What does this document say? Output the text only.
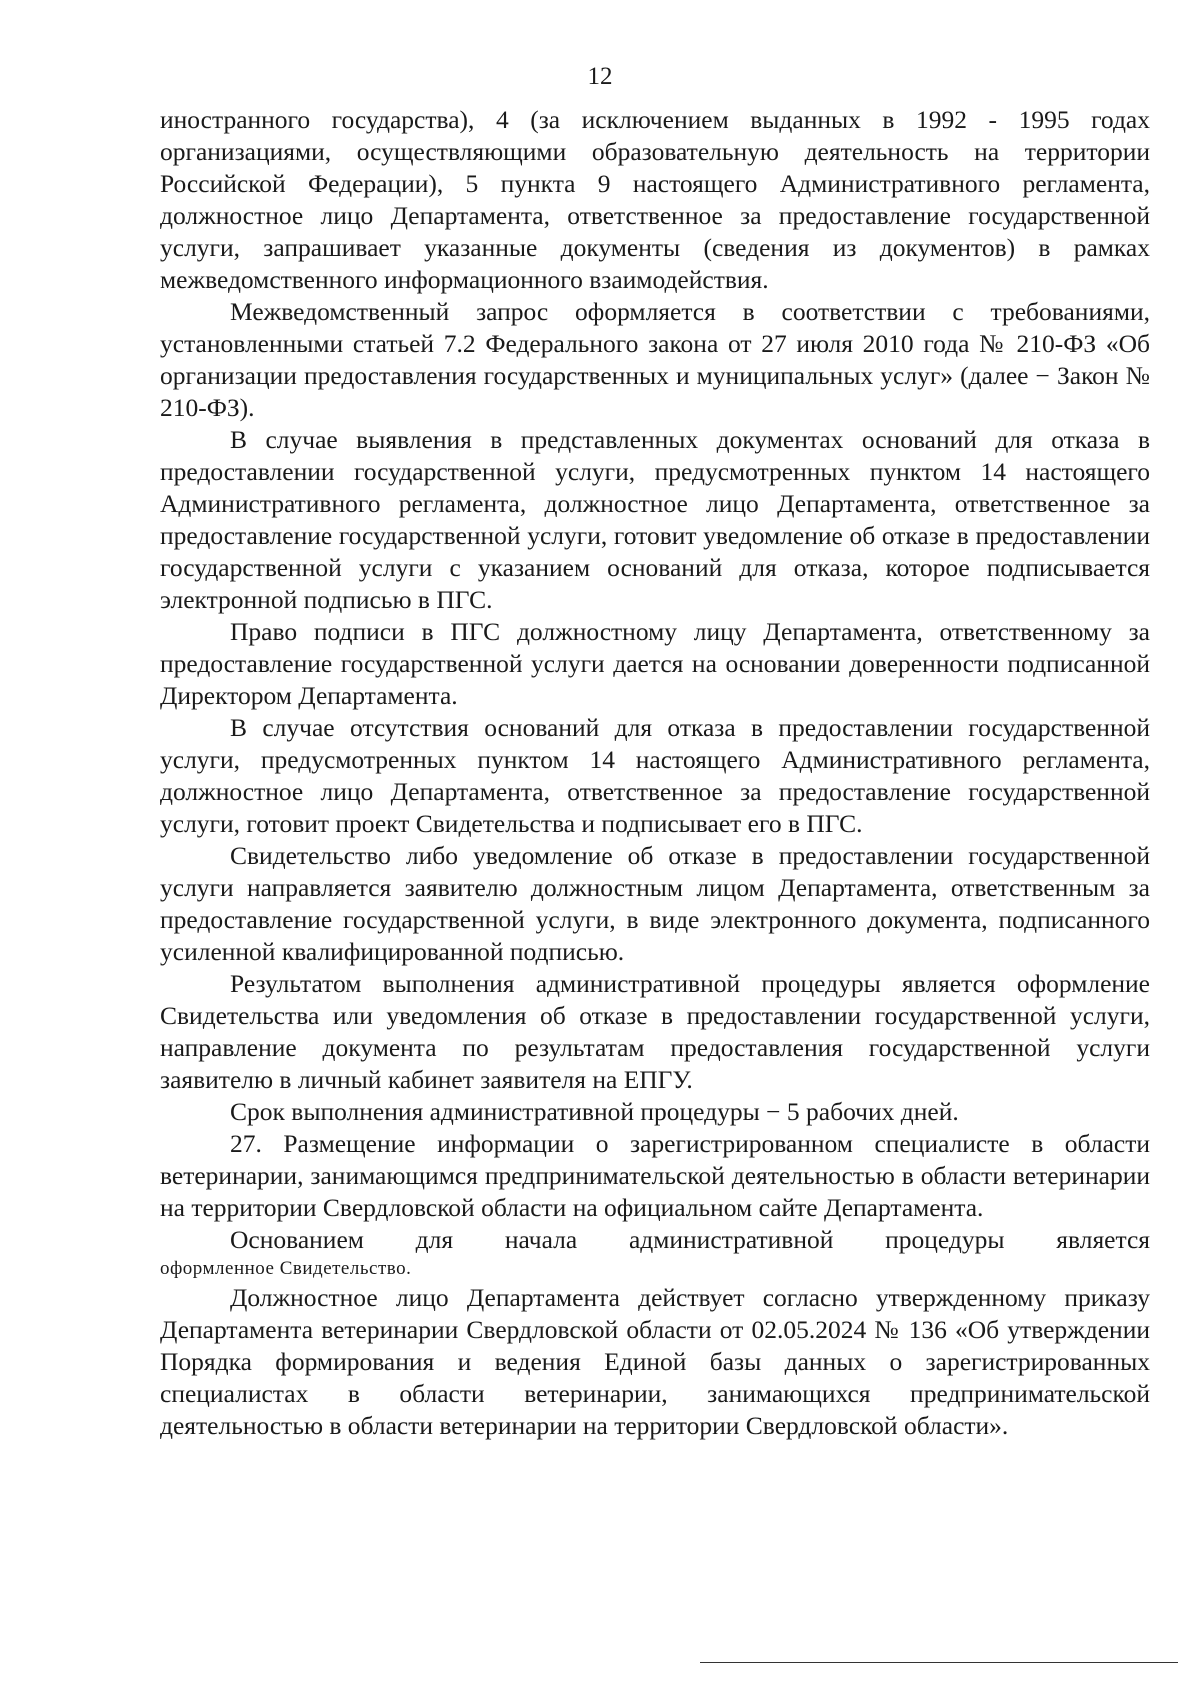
12

иностранного государства), 4 (за исключением выданных в 1992 - 1995 годах организациями, осуществляющими образовательную деятельность на территории Российской Федерации), 5 пункта 9 настоящего Административного регламента, должностное лицо Департамента, ответственное за предоставление государственной услуги, запрашивает указанные документы (сведения из документов) в рамках межведомственного информационного взаимодействия.

Межведомственный запрос оформляется в соответствии с требованиями, установленными статьей 7.2 Федерального закона от 27 июля 2010 года № 210-ФЗ «Об организации предоставления государственных и муниципальных услуг» (далее − Закон № 210-ФЗ).

В случае выявления в представленных документах оснований для отказа в предоставлении государственной услуги, предусмотренных пунктом 14 настоящего Административного регламента, должностное лицо Департамента, ответственное за предоставление государственной услуги, готовит уведомление об отказе в предоставлении государственной услуги с указанием оснований для отказа, которое подписывается электронной подписью в ПГС.

Право подписи в ПГС должностному лицу Департамента, ответственному за предоставление государственной услуги дается на основании доверенности подписанной Директором Департамента.

В случае отсутствия оснований для отказа в предоставлении государственной услуги, предусмотренных пунктом 14 настоящего Административного регламента, должностное лицо Департамента, ответственное за предоставление государственной услуги, готовит проект Свидетельства и подписывает его в ПГС.

Свидетельство либо уведомление об отказе в предоставлении государственной услуги направляется заявителю должностным лицом Департамента, ответственным за предоставление государственной услуги, в виде электронного документа, подписанного усиленной квалифицированной подписью.

Результатом выполнения административной процедуры является оформление Свидетельства или уведомления об отказе в предоставлении государственной услуги, направление документа по результатам предоставления государственной услуги заявителю в личный кабинет заявителя на ЕПГУ.

Срок выполнения административной процедуры − 5 рабочих дней.

27. Размещение информации о зарегистрированном специалисте в области ветеринарии, занимающимся предпринимательской деятельностью в области ветеринарии на территории Свердловской области на официальном сайте Департамента.

Основанием для начала административной процедуры является

оформленное Свидетельство.

Должностное лицо Департамента действует согласно утвержденному приказу Департамента ветеринарии Свердловской области от 02.05.2024 № 136 «Об утверждении Порядка формирования и ведения Единой базы данных о зарегистрированных специалистах в области ветеринарии, занимающихся предпринимательской деятельностью в области ветеринарии на территории Свердловской области».
